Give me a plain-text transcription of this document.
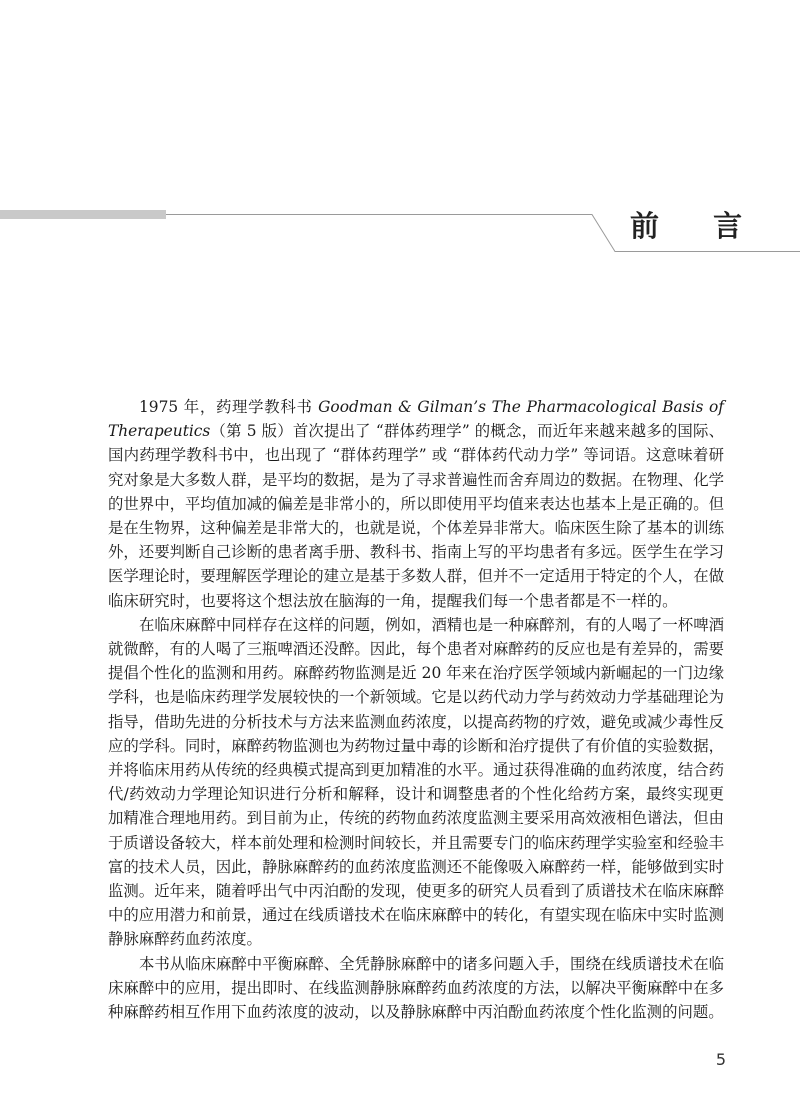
前 言

1975 年，药理学教科书 Goodman & Gilman’s The Pharmacological Basis of Therapeutics（第 5 版）首次提出了 “群体药理学” 的概念，而近年来越来越多的国际、国内药理学教科书中，也出现了 “群体药理学” 或 “群体药代动力学” 等词语。这意味着研究对象是大多数人群，是平均的数据，是为了寻求普遍性而舍弃周边的数据。在物理、化学的世界中，平均值加减的偏差是非常小的，所以即使用平均值来表达也基本上是正确的。但是在生物界，这种偏差是非常大的，也就是说，个体差异非常大。临床医生除了基本的训练外，还要判断自己诊断的患者离手册、教科书、指南上写的平均患者有多远。医学生在学习医学理论时，要理解医学理论的建立是基于多数人群，但并不一定适用于特定的个人，在做临床研究时，也要将这个想法放在脑海的一角，提醒我们每一个患者都是不一样的。

在临床麻醉中同样存在这样的问题，例如，酒精也是一种麻醉剂，有的人喝了一杯啤酒就微醉，有的人喝了三瓶啤酒还没醉。因此，每个患者对麻醉药的反应也是有差异的，需要提倡个性化的监测和用药。麻醉药物监测是近 20 年来在治疗医学领域内新崛起的一门边缘学科，也是临床药理学发展较快的一个新领域。它是以药代动力学与药效动力学基础理论为指导，借助先进的分析技术与方法来监测血药浓度，以提高药物的疗效，避免或减少毒性反应的学科。同时，麻醉药物监测也为药物过量中毒的诊断和治疗提供了有价值的实验数据，并将临床用药从传统的经典模式提高到更加精准的水平。通过获得准确的血药浓度，结合药代/药效动力学理论知识进行分析和解释，设计和调整患者的个性化给药方案，最终实现更加精准合理地用药。到目前为止，传统的药物血药浓度监测主要采用高效液相色谱法，但由于质谱设备较大，样本前处理和检测时间较长，并且需要专门的临床药理学实验室和经验丰富的技术人员，因此，静脉麻醉药的血药浓度监测还不能像吸入麻醉药一样，能够做到实时监测。近年来，随着呼出气中丙泊酚的发现，使更多的研究人员看到了质谱技术在临床麻醉中的应用潜力和前景，通过在线质谱技术在临床麻醉中的转化，有望实现在临床中实时监测静脉麻醉药血药浓度。

本书从临床麻醉中平衡麻醉、全凭静脉麻醉中的诸多问题入手，围绕在线质谱技术在临床麻醉中的应用，提出即时、在线监测静脉麻醉药血药浓度的方法，以解决平衡麻醉中在多种麻醉药相互作用下血药浓度的波动，以及静脉麻醉中丙泊酚血药浓度个性化监测的问题。

5
